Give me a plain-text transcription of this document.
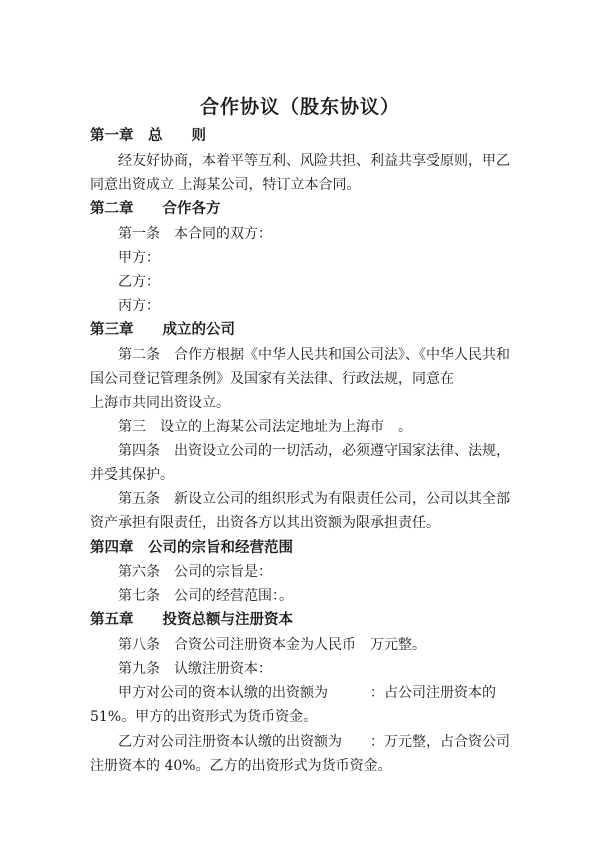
合作协议（股东协议）
第一章　总　　则
经友好协商，本着平等互利、风险共担、利益共享受原则，甲乙
同意出资成立 上海某公司，特订立本合同。
第二章　　合作各方
第一条　本合同的双方：
甲方：
乙方：
丙方：
第三章　　成立的公司
第二条　合作方根据《中华人民共和国公司法》、《中华人民共和
国公司登记管理条例》及国家有关法律、行政法规，同意在
上海市共同出资设立。
第三　设立的上海某公司法定地址为上海市　。
第四条　出资设立公司的一切活动，必须遵守国家法律、法规，
并受其保护。
第五条　新设立公司的组织形式为有限责任公司，公司以其全部
资产承担有限责任，出资各方以其出资额为限承担责任。
第四章　公司的宗旨和经营范围
第六条　公司的宗旨是：
第七条　公司的经营范围：。
第五章　　投资总额与注册资本
第八条　合资公司注册资本金为人民币　万元整。
第九条　认缴注册资本：
甲方对公司的资本认缴的出资额为　　　：占公司注册资本的
51%。甲方的出资形式为货币资金。
乙方对公司注册资本认缴的出资额为　　：万元整，占合资公司
注册资本的 40%。乙方的出资形式为货币资金。
